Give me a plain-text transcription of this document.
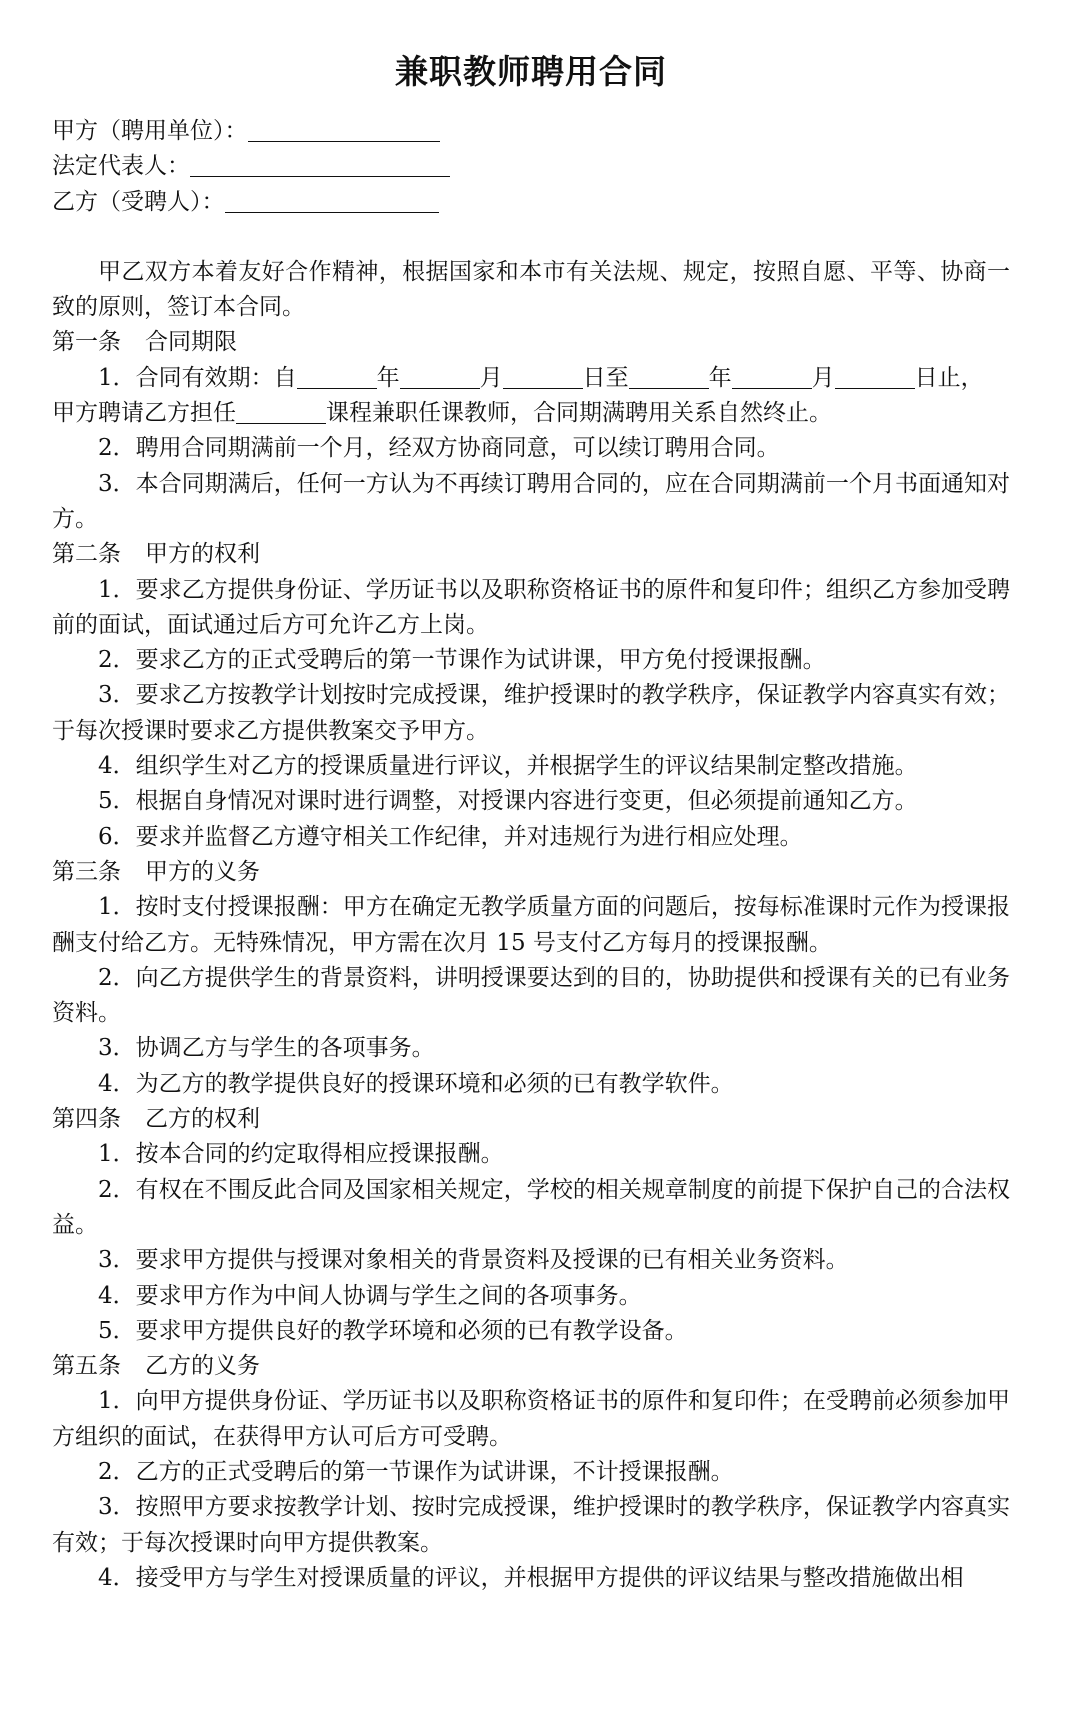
兼职教师聘用合同

甲方（聘用单位）：

法定代表人：

乙方（受聘人）：

甲乙双方本着友好合作精神，根据国家和本市有关法规、规定，按照自愿、平等、协商一致的原则，签订本合同。

第一条 合同期限

1．合同有效期：自	年	月	日至	年	月	日止，

甲方聘请乙方担任	课程兼职任课教师，合同期满聘用关系自然终止。

2．聘用合同期满前一个月，经双方协商同意，可以续订聘用合同。

3．本合同期满后，任何一方认为不再续订聘用合同的，应在合同期满前一个月书面通知对方。

第二条 甲方的权利

1．要求乙方提供身份证、学历证书以及职称资格证书的原件和复印件；组织乙方参加受聘前的面试，面试通过后方可允许乙方上岗。

2．要求乙方的正式受聘后的第一节课作为试讲课，甲方免付授课报酬。

3．要求乙方按教学计划按时完成授课，维护授课时的教学秩序，保证教学内容真实有效；于每次授课时要求乙方提供教案交予甲方。

4．组织学生对乙方的授课质量进行评议，并根据学生的评议结果制定整改措施。

5．根据自身情况对课时进行调整，对授课内容进行变更，但必须提前通知乙方。

6．要求并监督乙方遵守相关工作纪律，并对违规行为进行相应处理。

第三条 甲方的义务

1．按时支付授课报酬：甲方在确定无教学质量方面的问题后，按每标准课时元作为授课报酬支付给乙方。无特殊情况，甲方需在次月 15 号支付乙方每月的授课报酬。

2．向乙方提供学生的背景资料，讲明授课要达到的目的，协助提供和授课有关的已有业务资料。

3．协调乙方与学生的各项事务。

4．为乙方的教学提供良好的授课环境和必须的已有教学软件。

第四条 乙方的权利

1．按本合同的约定取得相应授课报酬。

2．有权在不围反此合同及国家相关规定，学校的相关规章制度的前提下保护自己的合法权益。

3．要求甲方提供与授课对象相关的背景资料及授课的已有相关业务资料。

4．要求甲方作为中间人协调与学生之间的各项事务。

5．要求甲方提供良好的教学环境和必须的已有教学设备。

第五条 乙方的义务

1．向甲方提供身份证、学历证书以及职称资格证书的原件和复印件；在受聘前必须参加甲方组织的面试，在获得甲方认可后方可受聘。

2．乙方的正式受聘后的第一节课作为试讲课，不计授课报酬。

3．按照甲方要求按教学计划、按时完成授课，维护授课时的教学秩序，保证教学内容真实有效；于每次授课时向甲方提供教案。

4．接受甲方与学生对授课质量的评议，并根据甲方提供的评议结果与整改措施做出相
